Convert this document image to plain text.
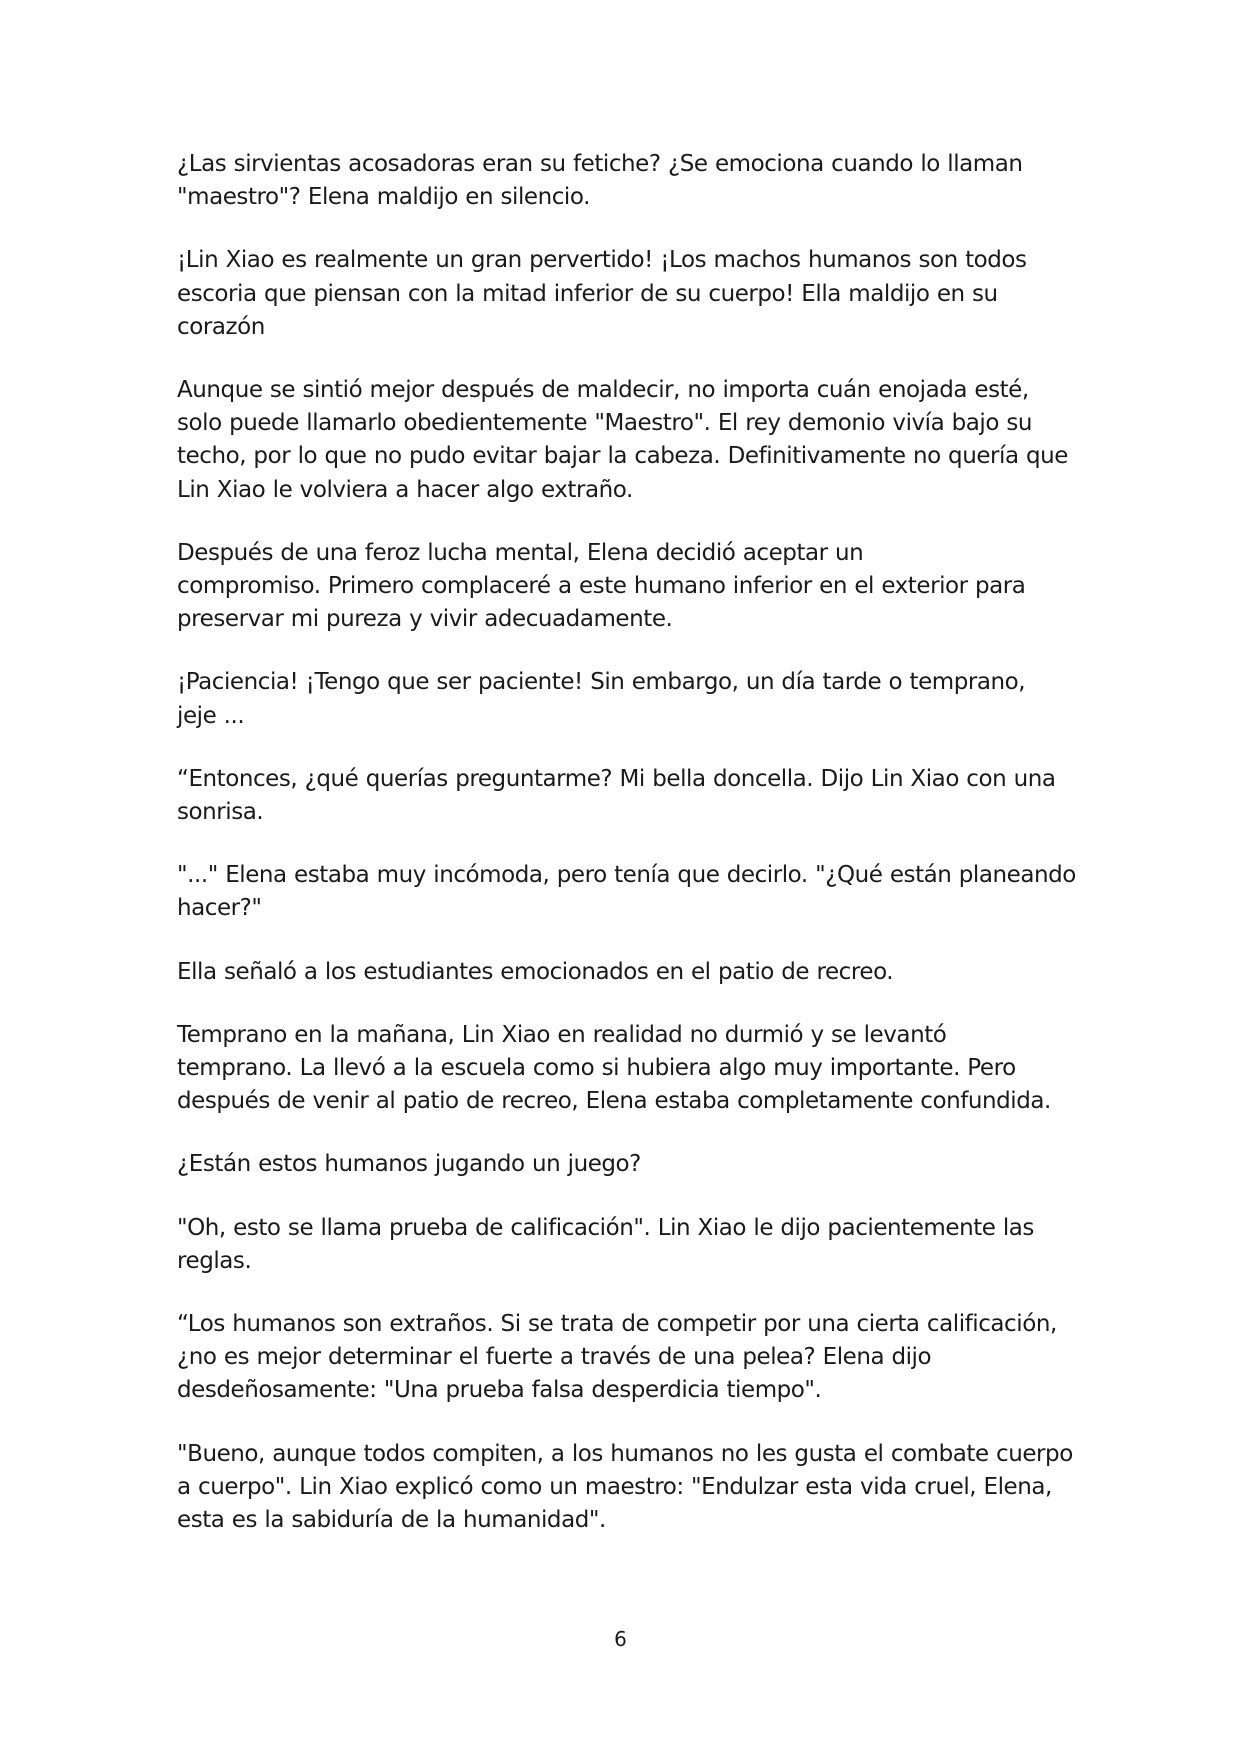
¿Las sirvientas acosadoras eran su fetiche? ¿Se emociona cuando lo llaman
"maestro"? Elena maldijo en silencio.

¡Lin Xiao es realmente un gran pervertido! ¡Los machos humanos son todos
escoria que piensan con la mitad inferior de su cuerpo! Ella maldijo en su
corazón

Aunque se sintió mejor después de maldecir, no importa cuán enojada esté,
solo puede llamarlo obedientemente "Maestro". El rey demonio vivía bajo su
techo, por lo que no pudo evitar bajar la cabeza. Definitivamente no quería que
Lin Xiao le volviera a hacer algo extraño.

Después de una feroz lucha mental, Elena decidió aceptar un
compromiso. Primero complaceré a este humano inferior en el exterior para
preservar mi pureza y vivir adecuadamente.

¡Paciencia! ¡Tengo que ser paciente! Sin embargo, un día tarde o temprano,
jeje ...

“Entonces, ¿qué querías preguntarme? Mi bella doncella. Dijo Lin Xiao con una
sonrisa.

"..." Elena estaba muy incómoda, pero tenía que decirlo. "¿Qué están planeando
hacer?"

Ella señaló a los estudiantes emocionados en el patio de recreo.

Temprano en la mañana, Lin Xiao en realidad no durmió y se levantó
temprano. La llevó a la escuela como si hubiera algo muy importante. Pero
después de venir al patio de recreo, Elena estaba completamente confundida.

¿Están estos humanos jugando un juego?

"Oh, esto se llama prueba de calificación". Lin Xiao le dijo pacientemente las
reglas.

“Los humanos son extraños. Si se trata de competir por una cierta calificación,
¿no es mejor determinar el fuerte a través de una pelea? Elena dijo
desdeñosamente: "Una prueba falsa desperdicia tiempo".

"Bueno, aunque todos compiten, a los humanos no les gusta el combate cuerpo
a cuerpo". Lin Xiao explicó como un maestro: "Endulzar esta vida cruel, Elena,
esta es la sabiduría de la humanidad".

6
